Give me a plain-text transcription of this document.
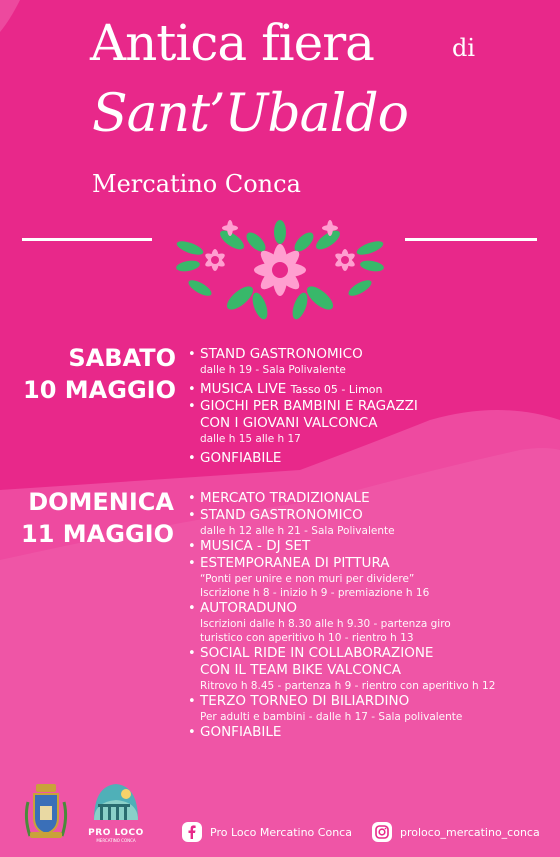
Antica fiera	di
Sant’Ubaldo
Mercatino Conca
SABATO
10 MAGGIO
• STAND GASTRONOMICO
dalle h 19 - Sala Polivalente
• MUSICA LIVE Tasso 05 - Limon
• GIOCHI PER BAMBINI E RAGAZZI
CON I GIOVANI VALCONCA
dalle h 15 alle h 17
• GONFIABILE
DOMENICA
11 MAGGIO
• MERCATO TRADIZIONALE
• STAND GASTRONOMICO
dalle h 12 alle h 21 - Sala Polivalente
• MUSICA - DJ SET
• ESTEMPORANEA DI PITTURA
“Ponti per unire e non muri per dividere”
Iscrizione h 8 - inizio h 9 - premiazione h 16
• AUTORADUNO
Iscrizioni dalle h 8.30 alle h 9.30 - partenza giro
turistico con aperitivo h 10 - rientro h 13
• SOCIAL RIDE IN COLLABORAZIONE
CON IL TEAM BIKE VALCONCA
Ritrovo h 8.45 - partenza h 9 - rientro con aperitivo h 12
• TERZO TORNEO DI BILIARDINO
Per adulti e bambini - dalle h 17 - Sala polivalente
• GONFIABILE
PRO LOCO
MERCATINO CONCA
Pro Loco Mercatino Conca	proloco_mercatino_conca
